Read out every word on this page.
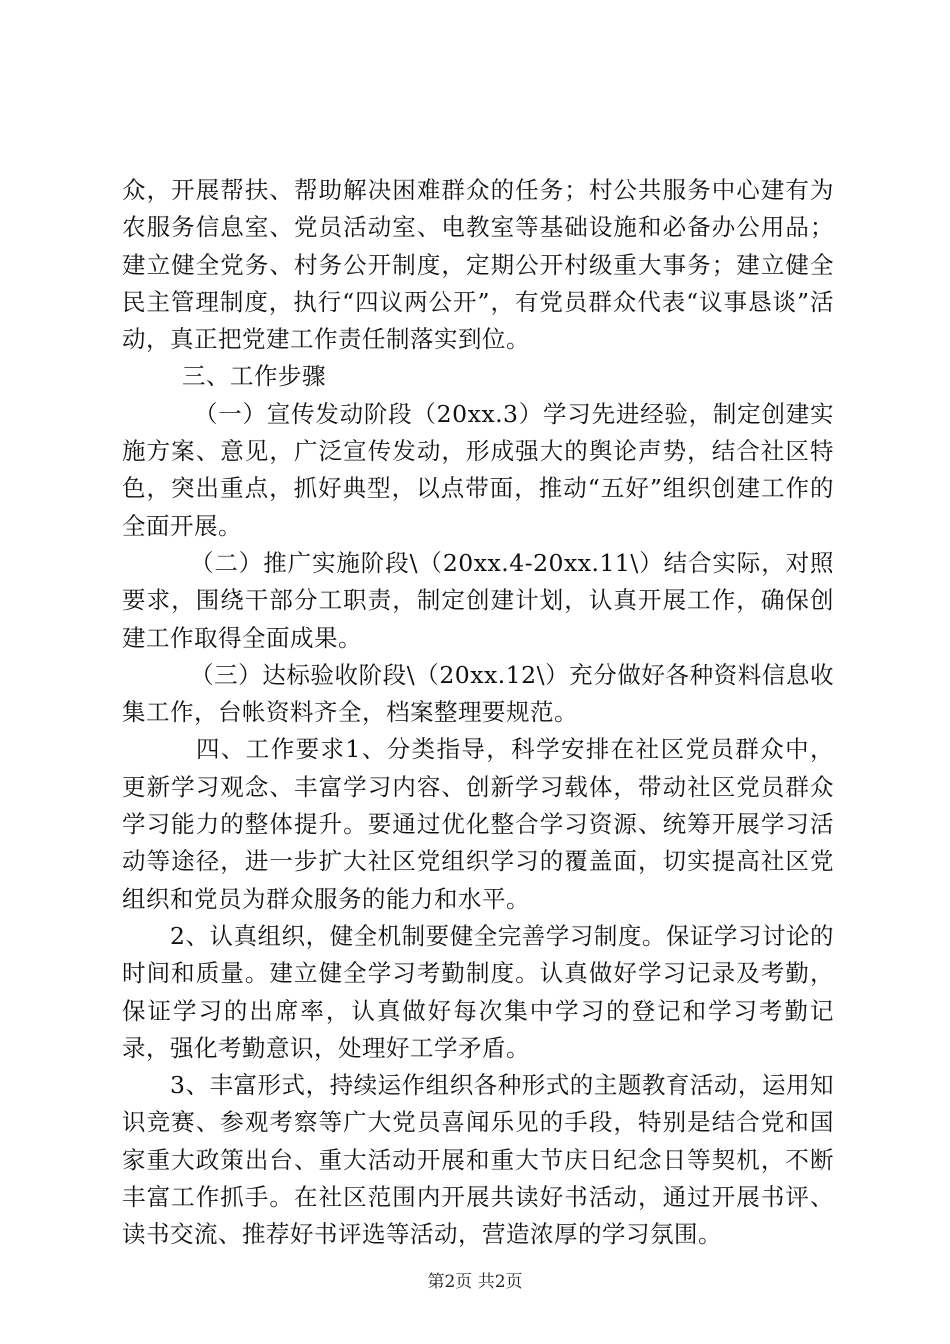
众，开展帮扶、帮助解决困难群众的任务；村公共服务中心建有为农服务信息室、党员活动室、电教室等基础设施和必备办公用品；建立健全党务、村务公开制度，定期公开村级重大事务；建立健全民主管理制度，执行“四议两公开”，有党员群众代表“议事恳谈”活动，真正把党建工作责任制落实到位。

三、工作步骤

（一）宣传发动阶段（20xx.3）学习先进经验，制定创建实施方案、意见，广泛宣传发动，形成强大的舆论声势，结合社区特色，突出重点，抓好典型，以点带面，推动“五好”组织创建工作的全面开展。

（二）推广实施阶段\（20xx.4-20xx.11\）结合实际，对照要求，围绕干部分工职责，制定创建计划，认真开展工作，确保创建工作取得全面成果。

（三）达标验收阶段\（20xx.12\）充分做好各种资料信息收集工作，台帐资料齐全，档案整理要规范。

四、工作要求1、分类指导，科学安排在社区党员群众中，更新学习观念、丰富学习内容、创新学习载体，带动社区党员群众学习能力的整体提升。要通过优化整合学习资源、统筹开展学习活动等途径，进一步扩大社区党组织学习的覆盖面，切实提高社区党组织和党员为群众服务的能力和水平。

2、认真组织，健全机制要健全完善学习制度。保证学习讨论的时间和质量。建立健全学习考勤制度。认真做好学习记录及考勤，保证学习的出席率，认真做好每次集中学习的登记和学习考勤记录，强化考勤意识，处理好工学矛盾。

3、丰富形式，持续运作组织各种形式的主题教育活动，运用知识竞赛、参观考察等广大党员喜闻乐见的手段，特别是结合党和国家重大政策出台、重大活动开展和重大节庆日纪念日等契机，不断丰富工作抓手。在社区范围内开展共读好书活动，通过开展书评、读书交流、推荐好书评选等活动，营造浓厚的学习氛围。

第2页 共2页
